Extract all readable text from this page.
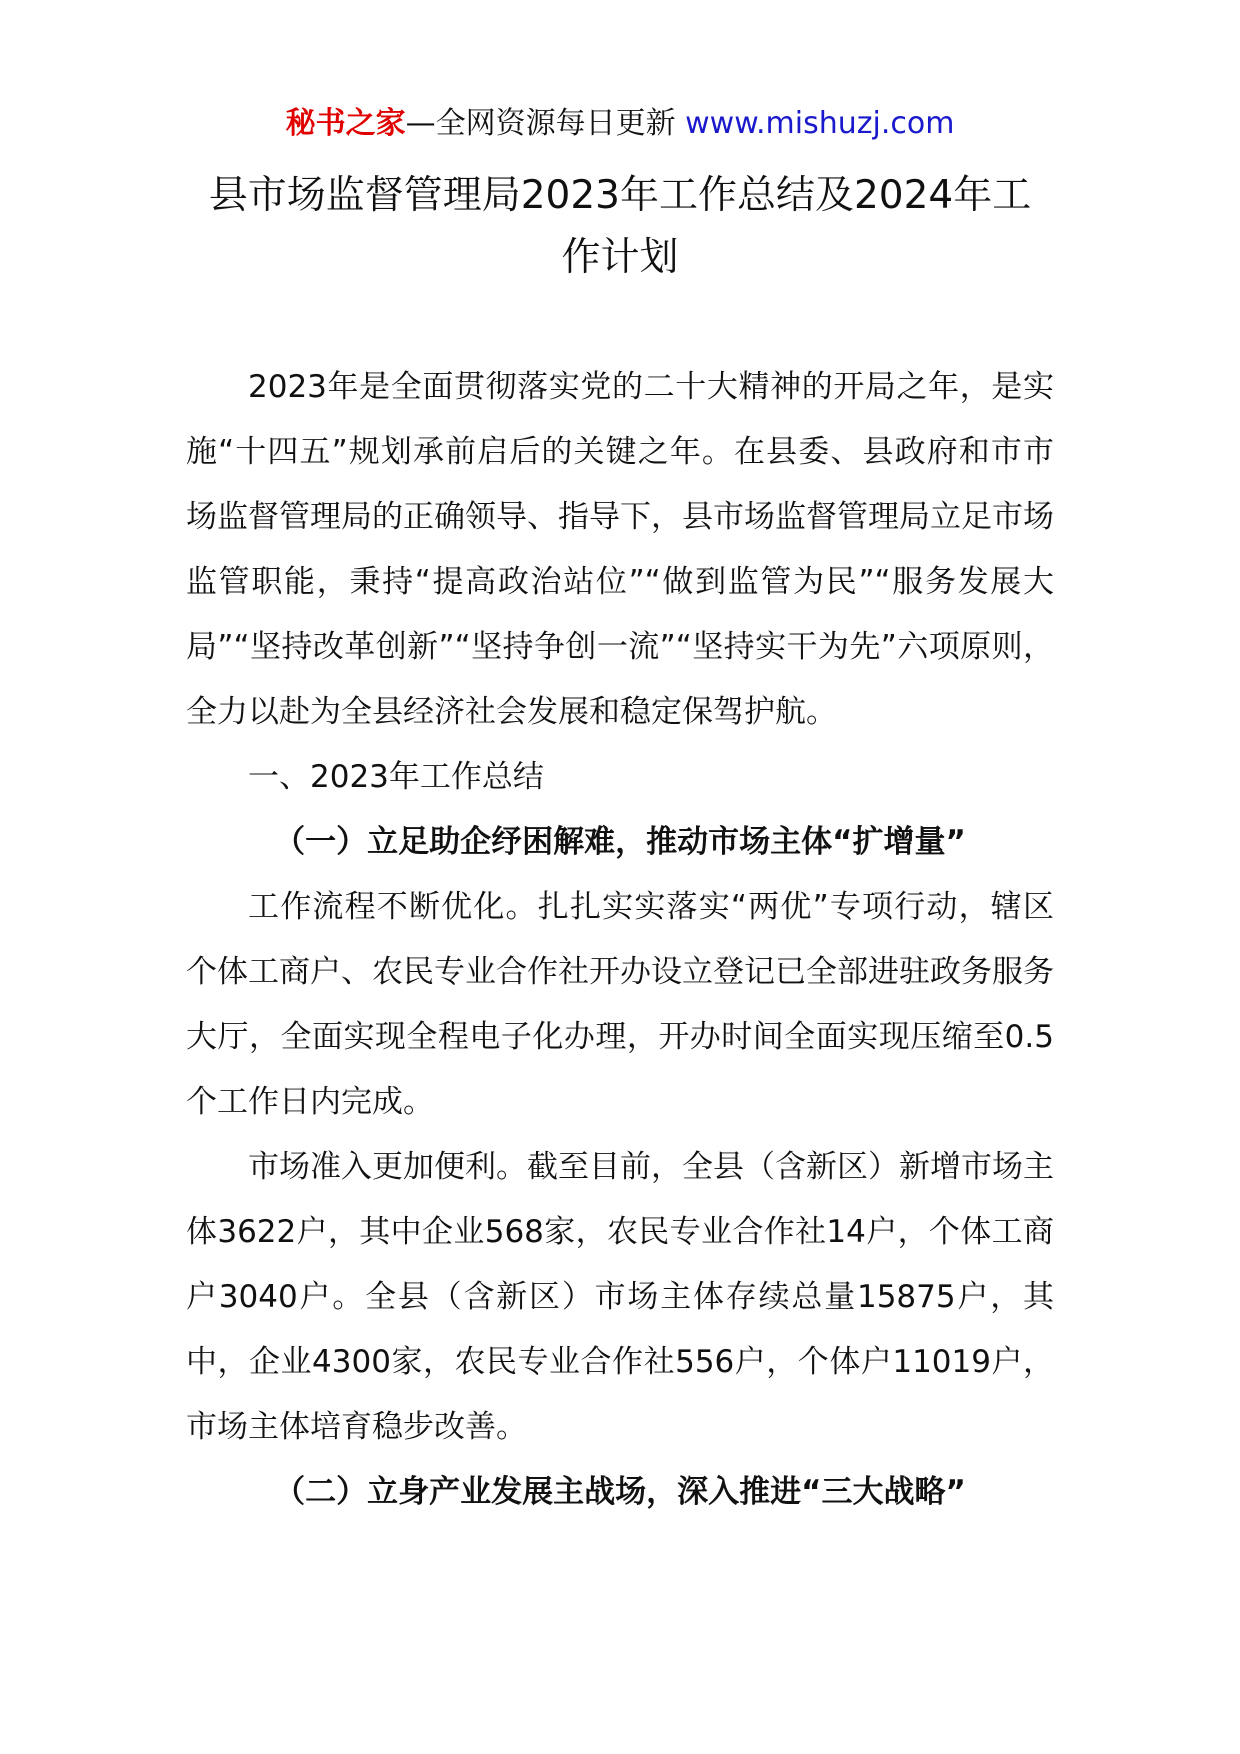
秘书之家—全网资源每日更新 www.mishuzj.com
县市场监督管理局2023年工作总结及2024年工作计划

2023年是全面贯彻落实党的二十大精神的开局之年，是实施“十四五”规划承前启后的关键之年。在县委、县政府和市市场监督管理局的正确领导、指导下，县市场监督管理局立足市场监管职能，秉持“提高政治站位”“做到监管为民”“服务发展大局”“坚持改革创新”“坚持争创一流”“坚持实干为先”六项原则，全力以赴为全县经济社会发展和稳定保驾护航。

一、2023年工作总结

（一）立足助企纾困解难，推动市场主体“扩增量”

工作流程不断优化。扎扎实实落实“两优”专项行动，辖区个体工商户、农民专业合作社开办设立登记已全部进驻政务服务大厅，全面实现全程电子化办理，开办时间全面实现压缩至0.5个工作日内完成。

市场准入更加便利。截至目前，全县（含新区）新增市场主体3622户，其中企业568家，农民专业合作社14户，个体工商户3040户。全县（含新区）市场主体存续总量15875户，其中，企业4300家，农民专业合作社556户，个体户11019户，市场主体培育稳步改善。

（二）立身产业发展主战场，深入推进“三大战略”
